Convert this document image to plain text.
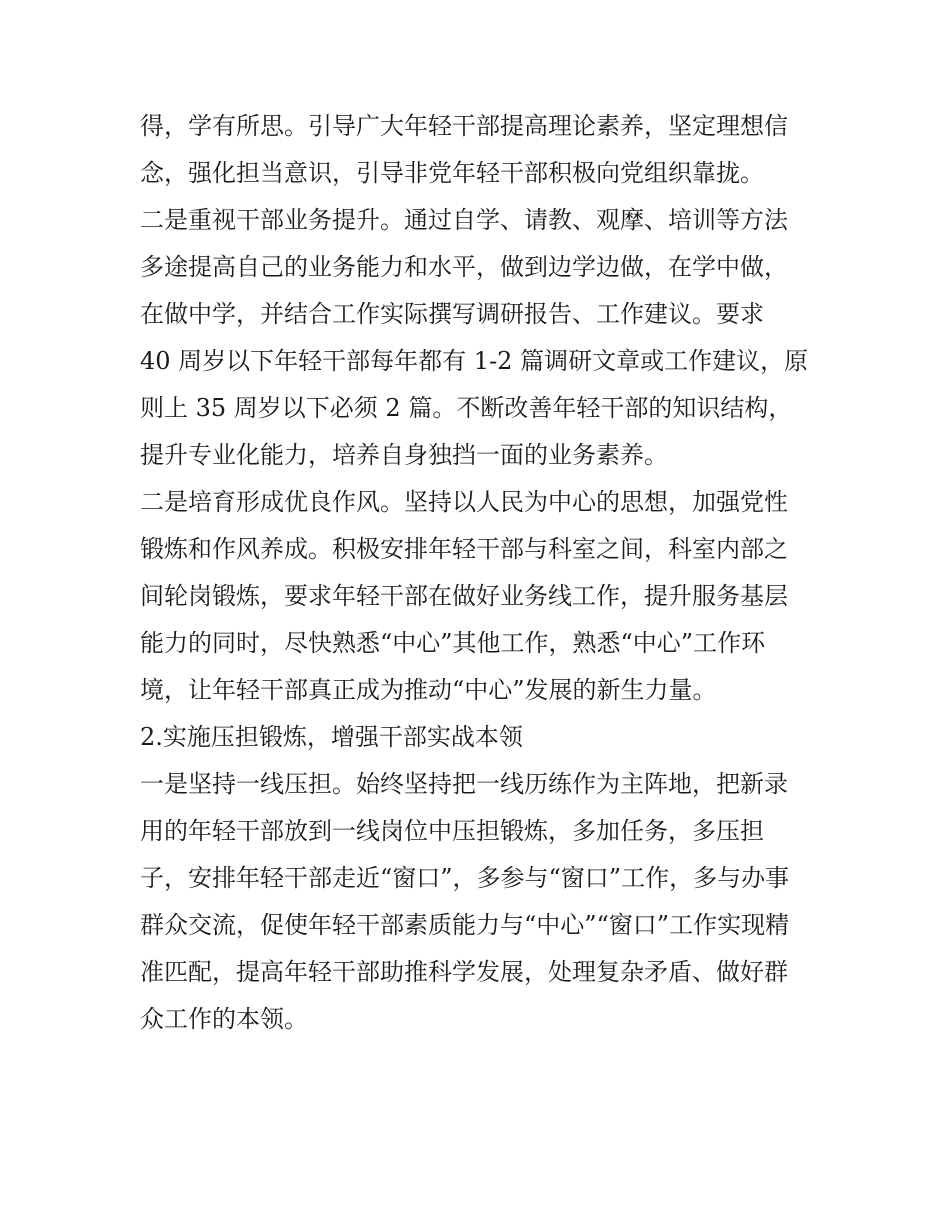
得，学有所思。引导广大年轻干部提高理论素养，坚定理想信
念，强化担当意识，引导非党年轻干部积极向党组织靠拢。
二是重视干部业务提升。通过自学、请教、观摩、培训等方法
多途提高自己的业务能力和水平，做到边学边做，在学中做，
在做中学，并结合工作实际撰写调研报告、工作建议。要求
40 周岁以下年轻干部每年都有 1-2 篇调研文章或工作建议，原
则上 35 周岁以下必须 2 篇。不断改善年轻干部的知识结构，
提升专业化能力，培养自身独挡一面的业务素养。
二是培育形成优良作风。坚持以人民为中心的思想，加强党性
锻炼和作风养成。积极安排年轻干部与科室之间，科室内部之
间轮岗锻炼，要求年轻干部在做好业务线工作，提升服务基层
能力的同时，尽快熟悉“中心”其他工作，熟悉“中心”工作环
境，让年轻干部真正成为推动“中心”发展的新生力量。
2.实施压担锻炼，增强干部实战本领
一是坚持一线压担。始终坚持把一线历练作为主阵地，把新录
用的年轻干部放到一线岗位中压担锻炼，多加任务，多压担
子，安排年轻干部走近“窗口”，多参与“窗口”工作，多与办事
群众交流，促使年轻干部素质能力与“中心”“窗口”工作实现精
准匹配，提高年轻干部助推科学发展，处理复杂矛盾、做好群
众工作的本领。
